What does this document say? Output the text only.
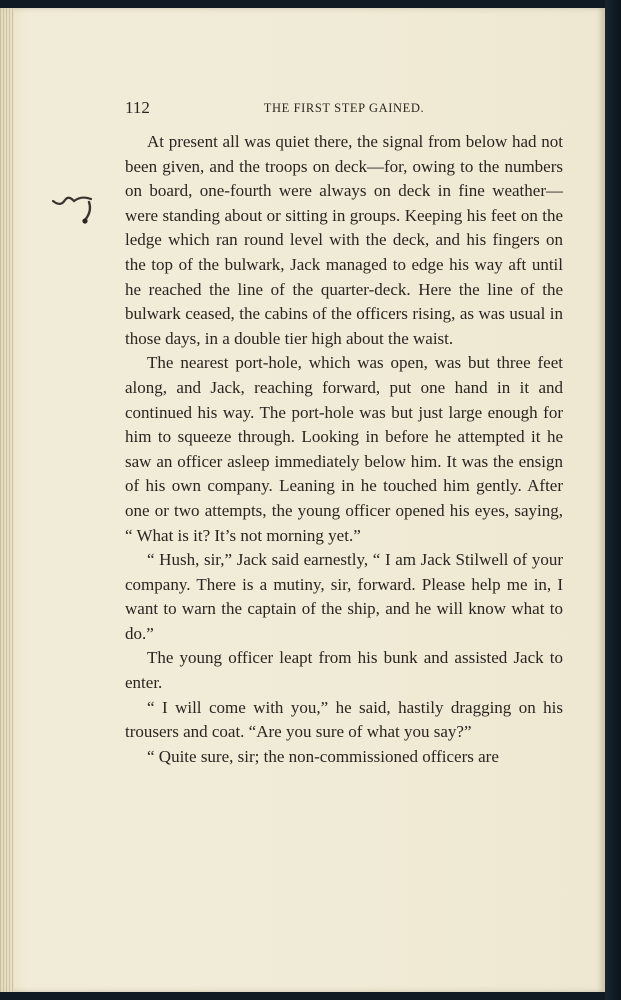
112	THE FIRST STEP GAINED.

At present all was quiet there, the signal from below had not been given, and the troops on deck—for, owing to the numbers on board, one-fourth were always on deck in fine weather—were standing about or sitting in groups. Keeping his feet on the ledge which ran round level with the deck, and his fingers on the top of the bulwark, Jack managed to edge his way aft until he reached the line of the quarter-deck. Here the line of the bulwark ceased, the cabins of the officers rising, as was usual in those days, in a double tier high about the waist.

The nearest port-hole, which was open, was but three feet along, and Jack, reaching forward, put one hand in it and continued his way. The port-hole was but just large enough for him to squeeze through. Looking in before he attempted it he saw an officer asleep immediately below him. It was the ensign of his own company. Leaning in he touched him gently. After one or two attempts, the young officer opened his eyes, saying, “ What is it? It’s not morning yet.”

“ Hush, sir,” Jack said earnestly, “ I am Jack Stilwell of your company. There is a mutiny, sir, forward. Please help me in, I want to warn the captain of the ship, and he will know what to do.”

The young officer leapt from his bunk and assisted Jack to enter.

“ I will come with you,” he said, hastily dragging on his trousers and coat. “Are you sure of what you say?”

“ Quite sure, sir; the non-commissioned officers are
